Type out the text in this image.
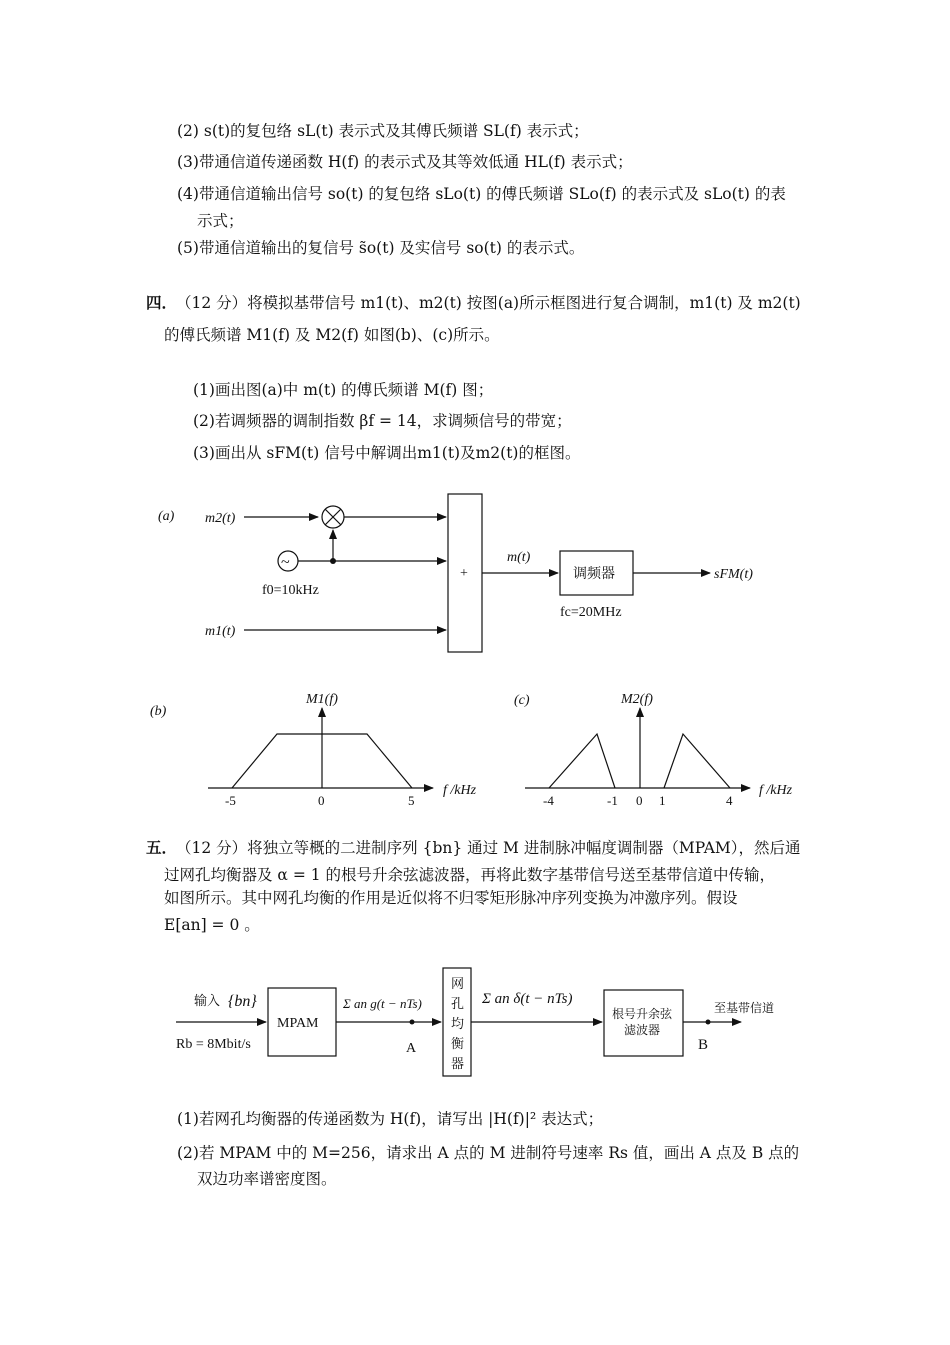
(2) s(t)的复包络 sL(t) 表示式及其傅氏频谱 SL(f) 表示式；
(3)带通信道传递函数 H(f) 的表示式及其等效低通 HL(f) 表示式；
(4)带通信道输出信号 so(t) 的复包络 sLo(t) 的傅氏频谱 SLo(f) 的表示式及 sLo(t) 的表
示式；
(5)带通信道输出的复信号 s̃o(t) 及实信号 so(t) 的表示式。
四．
（12 分）将模拟基带信号 m1(t)、m2(t) 按图(a)所示框图进行复合调制，m1(t) 及 m2(t)
的傅氏频谱 M1(f) 及 M2(f) 如图(b)、(c)所示。
(1)画出图(a)中 m(t) 的傅氏频谱 M(f) 图；
(2)若调频器的调制指数 βf = 14，求调频信号的带宽；
(3)画出从 sFM(t) 信号中解调出m1(t)及m2(t)的框图。
(a) m2(t)
~
f0=10kHz
m1(t)
+
m(t)
调频器
fc=20MHz
sFM(t)
(b)
M1(f)
f /kHz
-5	0	5
(c)	M2(f)
f /kHz
-4	-1 0 1	4
输入 {bn}
Rb = 8Mbit/s
MPAM
Σ an g(t − nTs)
A
网 孔 均 衡 器
Σ an δ(t − nTs)
根号升余弦
滤波器
B
至基带信道
五．
（12 分）将独立等概的二进制序列 {bn} 通过 M 进制脉冲幅度调制器（MPAM），然后通
过网孔均衡器及 α = 1 的根号升余弦滤波器，再将此数字基带信号送至基带信道中传输，
如图所示。其中网孔均衡的作用是近似将不归零矩形脉冲序列变换为冲激序列。假设
E[an] = 0 。
(1)若网孔均衡器的传递函数为 H(f)，请写出 |H(f)|² 表达式；
(2)若 MPAM 中的 M=256，请求出 A 点的 M 进制符号速率 Rs 值，画出 A 点及 B 点的
双边功率谱密度图。
